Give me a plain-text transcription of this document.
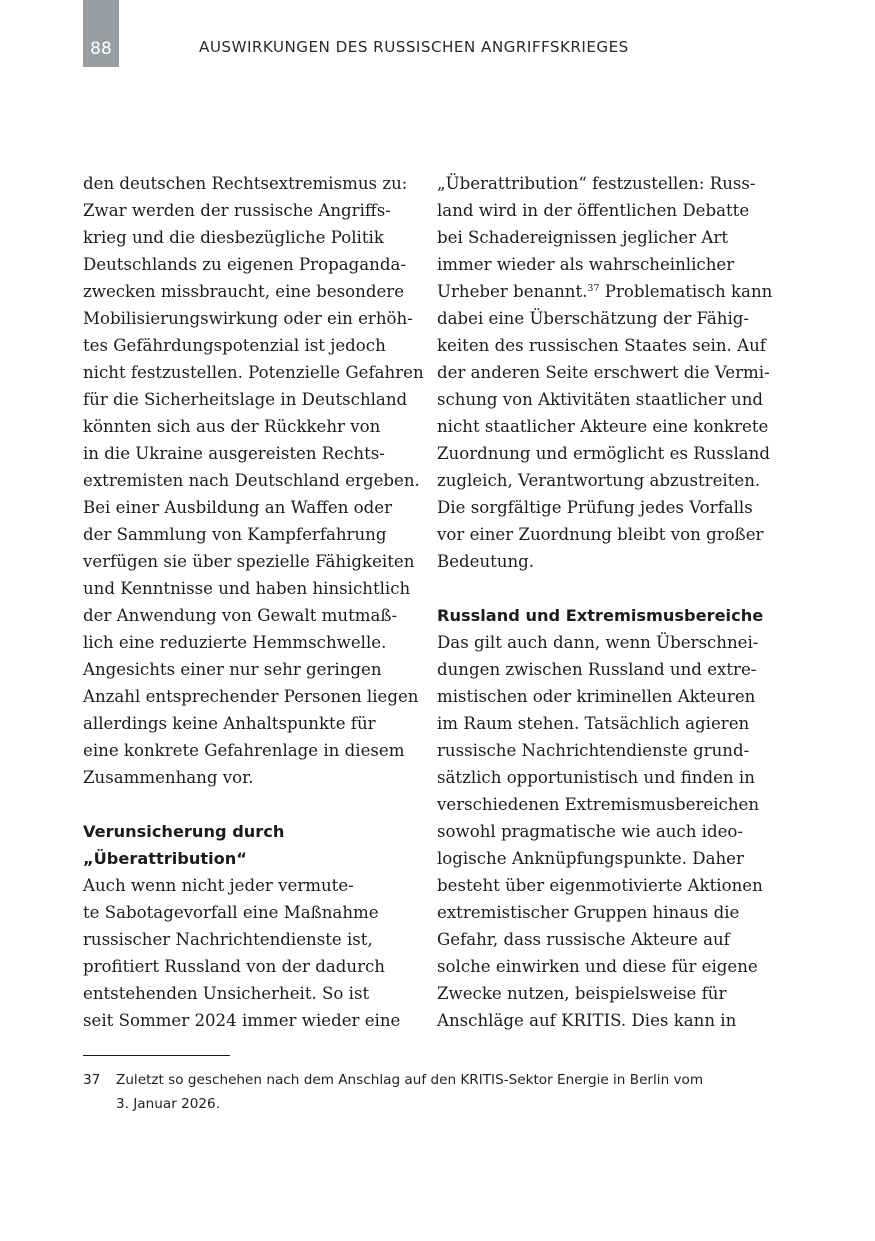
88	AUSWIRKUNGEN DES RUSSISCHEN ANGRIFFSKRIEGES
den deutschen Rechtsextremismus zu:
Zwar werden der russische Angriffs-
krieg und die diesbezügliche Politik
Deutschlands zu eigenen Propaganda-
zwecken missbraucht, eine besondere
Mobilisierungswirkung oder ein erhöh-
tes Gefährdungspotenzial ist jedoch
nicht festzustellen. Potenzielle Gefahren
für die Sicherheitslage in Deutschland
könnten sich aus der Rückkehr von
in die Ukraine ausgereisten Rechts-
extremisten nach Deutschland ergeben.
Bei einer Ausbildung an Waffen oder
der Sammlung von Kampferfahrung
verfügen sie über spezielle Fähigkeiten
und Kenntnisse und haben hinsichtlich
der Anwendung von Gewalt mutmaß-
lich eine reduzierte Hemmschwelle.
Angesichts einer nur sehr geringen
Anzahl entsprechender Personen liegen
allerdings keine Anhaltspunkte für
eine konkrete Gefahrenlage in diesem
Zusammenhang vor.
Verunsicherung durch
„Überattribution“
Auch wenn nicht jeder vermute-
te Sabotagevorfall eine Maßnahme
russischer Nachrichtendienste ist,
profitiert Russland von der dadurch
entstehenden Unsicherheit. So ist
seit Sommer 2024 immer wieder eine
„Überattribution“ festzustellen: Russ-
land wird in der öffentlichen Debatte
bei Schadereignissen jeglicher Art
immer wieder als wahrscheinlicher
Urheber benannt.$^{37}$ Problematisch kann
dabei eine Überschätzung der Fähig-
keiten des russischen Staates sein. Auf
der anderen Seite erschwert die Vermi-
schung von Aktivitäten staatlicher und
nicht staatlicher Akteure eine konkrete
Zuordnung und ermöglicht es Russland
zugleich, Verantwortung abzustreiten.
Die sorgfältige Prüfung jedes Vorfalls
vor einer Zuordnung bleibt von großer
Bedeutung.
Russland und Extremismusbereiche
Das gilt auch dann, wenn Überschnei-
dungen zwischen Russland und extre-
mistischen oder kriminellen Akteuren
im Raum stehen. Tatsächlich agieren
russische Nachrichtendienste grund-
sätzlich opportunistisch und finden in
verschiedenen Extremismusbereichen
sowohl pragmatische wie auch ideo-
logische Anknüpfungspunkte. Daher
besteht über eigenmotivierte Aktionen
extremistischer Gruppen hinaus die
Gefahr, dass russische Akteure auf
solche einwirken und diese für eigene
Zwecke nutzen, beispielsweise für
Anschläge auf KRITIS. Dies kann in
37 Zuletzt so geschehen nach dem Anschlag auf den KRITIS-Sektor Energie in Berlin vom
3. Januar 2026.
